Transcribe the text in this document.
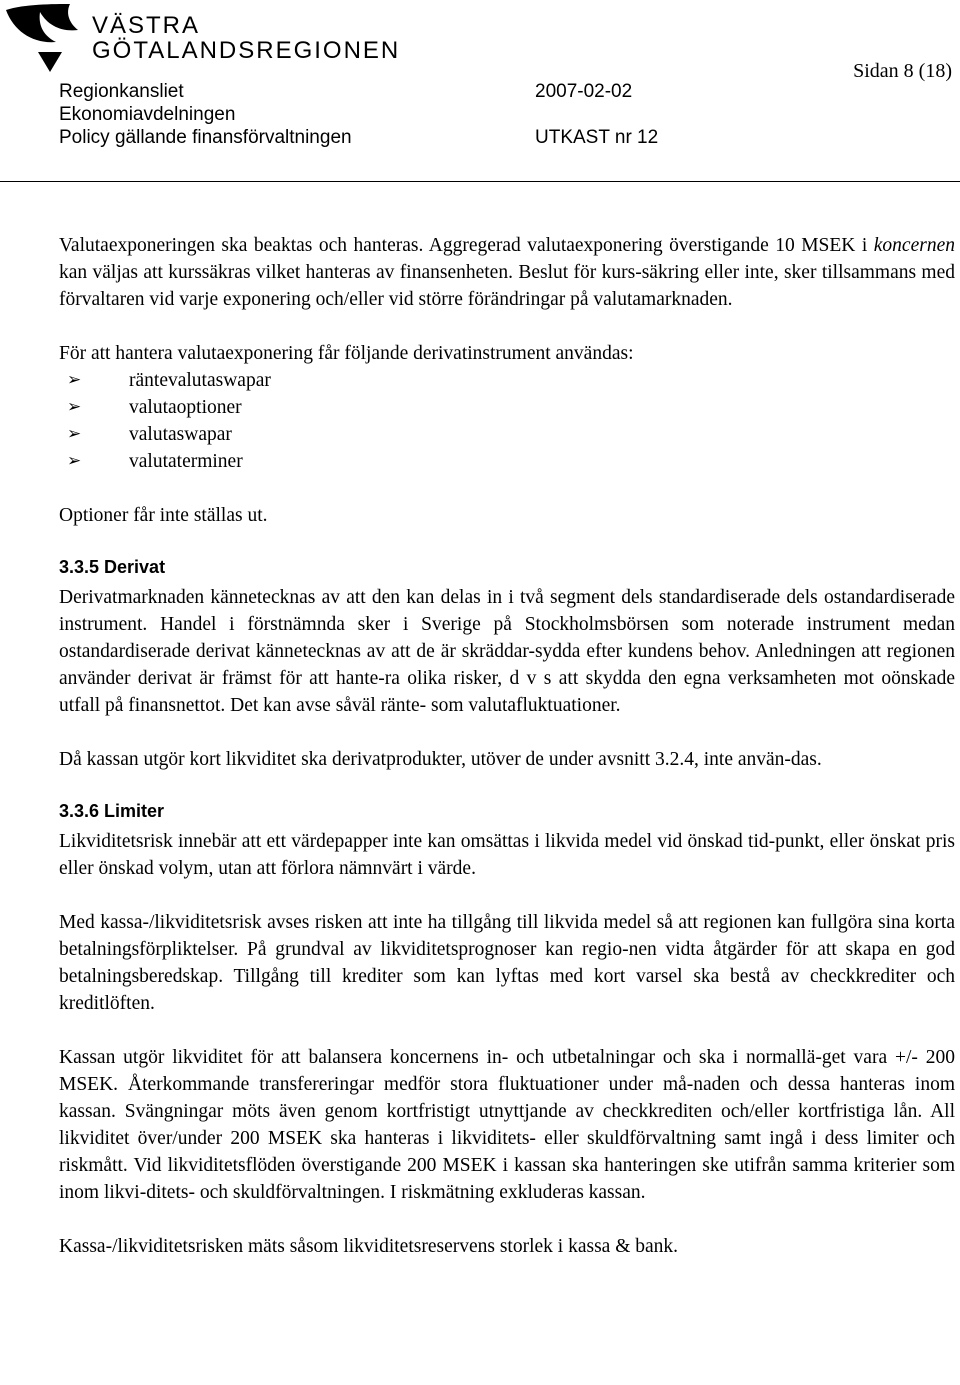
VÄSTRA
GÖTALANDSREGIONEN
Regionkansliet	2007-02-02
Ekonomiavdelningen
Policy gällande finansförvaltningen	UTKAST nr 12
Sidan 8 (18)

Valutaexponeringen ska beaktas och hanteras. Aggregerad valutaexponering överstigande 10 MSEK i koncernen kan väljas att kurssäkras vilket hanteras av finansenheten. Beslut för kurs-säkring eller inte, sker tillsammans med förvaltaren vid varje exponering och/eller vid större förändringar på valutamarknaden.

För att hantera valutaexponering får följande derivatinstrument användas:

➢ räntevalutaswapar
➢ valutaoptioner
➢ valutaswapar
➢ valutaterminer

Optioner får inte ställas ut.

3.3.5 Derivat

Derivatmarknaden kännetecknas av att den kan delas in i två segment dels standardiserade dels ostandardiserade instrument. Handel i förstnämnda sker i Sverige på Stockholmsbörsen som noterade instrument medan ostandardiserade derivat kännetecknas av att de är skräddar-sydda efter kundens behov. Anledningen att regionen använder derivat är främst för att hante-ra olika risker, d v s att skydda den egna verksamheten mot oönskade utfall på finansnettot. Det kan avse såväl ränte- som valutafluktuationer.

Då kassan utgör kort likviditet ska derivatprodukter, utöver de under avsnitt 3.2.4, inte använ-das.

3.3.6 Limiter

Likviditetsrisk innebär att ett värdepapper inte kan omsättas i likvida medel vid önskad tid-punkt, eller önskat pris eller önskad volym, utan att förlora nämnvärt i värde.

Med kassa-/likviditetsrisk avses risken att inte ha tillgång till likvida medel så att regionen kan fullgöra sina korta betalningsförpliktelser. På grundval av likviditetsprognoser kan regio-nen vidta åtgärder för att skapa en god betalningsberedskap. Tillgång till krediter som kan lyftas med kort varsel ska bestå av checkkrediter och kreditlöften.

Kassan utgör likviditet för att balansera koncernens in- och utbetalningar och ska i normallä-get vara +/- 200 MSEK. Återkommande transfereringar medför stora fluktuationer under må-naden och dessa hanteras inom kassan. Svängningar möts även genom kortfristigt utnyttjande av checkkrediten och/eller kortfristiga lån. All likviditet över/under 200 MSEK ska hanteras i likviditets- eller skuldförvaltning samt ingå i dess limiter och riskmått. Vid likviditetsflöden överstigande 200 MSEK i kassan ska hanteringen ske utifrån samma kriterier som inom likvi-ditets- och skuldförvaltningen. I riskmätning exkluderas kassan.

Kassa-/likviditetsrisken mäts såsom likviditetsreservens storlek i kassa & bank.
